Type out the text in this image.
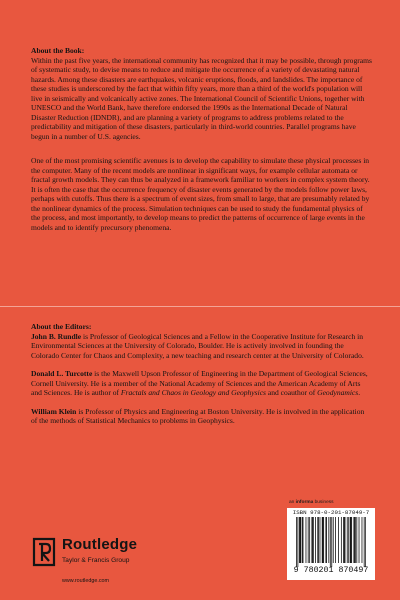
About the Book:

Within the past five years, the international community has recognized that it may be possible, through programs of systematic study, to devise means to reduce and mitigate the occurrence of a variety of devastating natural hazards. Among these disasters are earthquakes, volcanic eruptions, floods, and landslides. The importance of these studies is underscored by the fact that within fifty years, more than a third of the world's population will live in seismically and volcanically active zones. The International Council of Scientific Unions, together with UNESCO and the World Bank, have therefore endorsed the 1990s as the International Decade of Natural Disaster Reduction (IDNDR), and are planning a variety of programs to address problems related to the predictability and mitigation of these disasters, particularly in third-world countries. Parallel programs have begun in a number of U.S. agencies.

One of the most promising scientific avenues is to develop the capability to simulate these physical processes in the computer. Many of the recent models are nonlinear in significant ways, for example cellular automata or fractal growth models. They can thus be analyzed in a framework familiar to workers in complex system theory. It is often the case that the occurrence frequency of disaster events generated by the models follow power laws, perhaps with cutoffs. Thus there is a spectrum of event sizes, from small to large, that are presumably related by the nonlinear dynamics of the process. Simulation techniques can be used to study the fundamental physics of the process, and most importantly, to develop means to predict the patterns of occurrence of large events in the models and to identify precursory phenomena.

About the Editors:

John B. Rundle is Professor of Geological Sciences and a Fellow in the Cooperative Institute for Research in Environmental Sciences at the University of Colorado, Boulder. He is actively involved in founding the Colorado Center for Chaos and Complexity, a new teaching and research center at the University of Colorado.

Donald L. Turcotte is the Maxwell Upson Professor of Engineering in the Department of Geological Sciences, Cornell University. He is a member of the National Academy of Sciences and the American Academy of Arts and Sciences. He is author of Fractals and Chaos in Geology and Geophysics and coauthor of Geodynamics.

William Klein is Professor of Physics and Engineering at Boston University. He is involved in the application of the methods of Statistical Mechanics to problems in Geophysics.

an informa business
Routledge
Taylor & Francis Group
www.routledge.com
ISBN 978-0-201-87049-7
9 780201 870497
